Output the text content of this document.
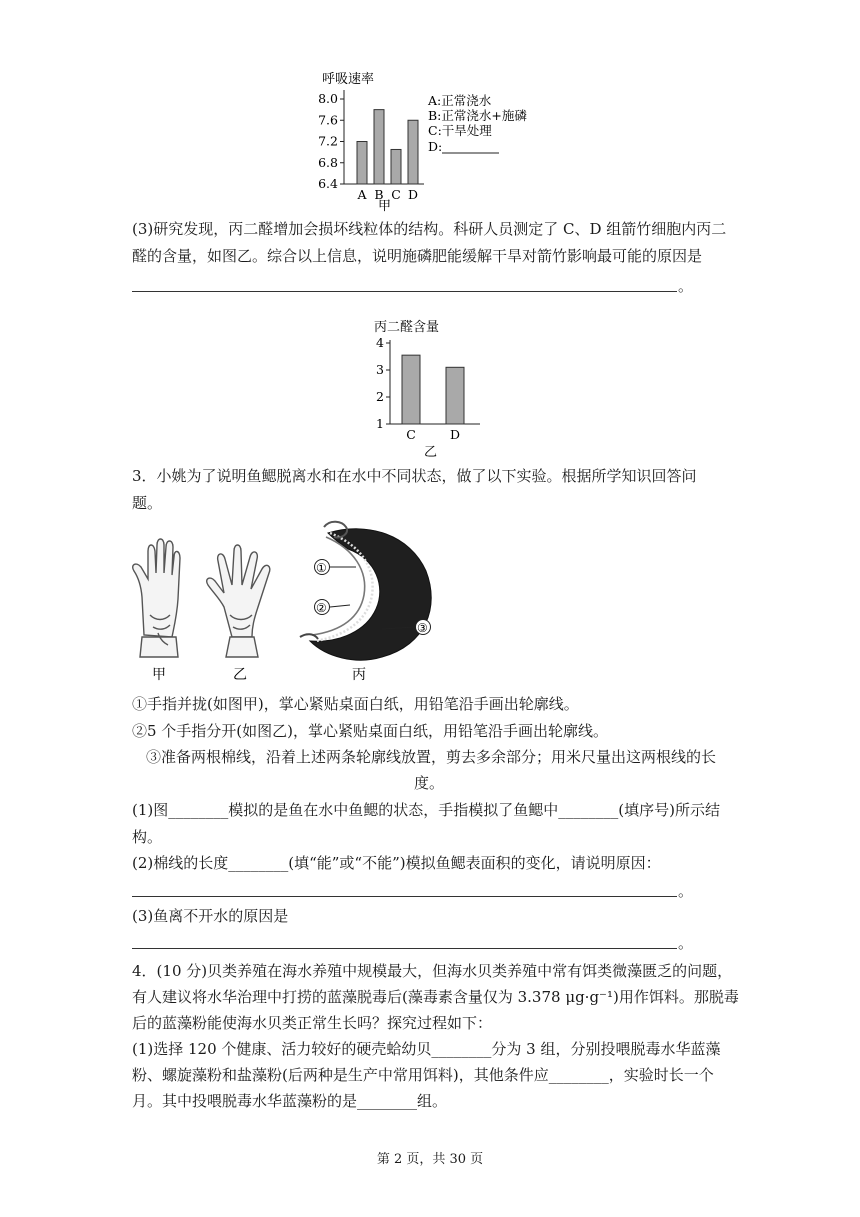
呼吸速率
8.0
7.6
7.2
6.8
6.4
A B C D
甲
A:正常浇水
B:正常浇水+施磷
C:干旱处理
D:
(3)研究发现，丙二醛增加会损坏线粒体的结构。科研人员测定了 C、D 组箭竹细胞内丙二
醛的含量，如图乙。综合以上信息，说明施磷肥能缓解干旱对箭竹影响最可能的原因是
。
丙二醛含量
4
3
2
1
C	D
乙
3．小姚为了说明鱼鳃脱离水和在水中不同状态，做了以下实验。根据所学知识回答问
题。
①
②
③
甲	乙	丙
①手指并拢(如图甲)，掌心紧贴桌面白纸，用铅笔沿手画出轮廓线。
②5 个手指分开(如图乙)，掌心紧贴桌面白纸，用铅笔沿手画出轮廓线。
③准备两根棉线，沿着上述两条轮廓线放置，剪去多余部分；用米尺量出这两根线的长
度。
(1)图________模拟的是鱼在水中鱼鳃的状态，手指模拟了鱼鳃中________(填序号)所示结
构。
(2)棉线的长度________(填“能”或“不能”)模拟鱼鳃表面积的变化，请说明原因：
。
(3)鱼离不开水的原因是
。
4．(10 分)贝类养殖在海水养殖中规模最大，但海水贝类养殖中常有饵类微藻匮乏的问题，
有人建议将水华治理中打捞的蓝藻脱毒后(藻毒素含量仅为 3.378 μg·g⁻¹)用作饵料。那脱毒
后的蓝藻粉能使海水贝类正常生长吗？探究过程如下：
(1)选择 120 个健康、活力较好的硬壳蛤幼贝________分为 3 组，分别投喂脱毒水华蓝藻
粉、螺旋藻粉和盐藻粉(后两种是生产中常用饵料)，其他条件应________，实验时长一个
月。其中投喂脱毒水华蓝藻粉的是________组。
第 2 页，共 30 页
